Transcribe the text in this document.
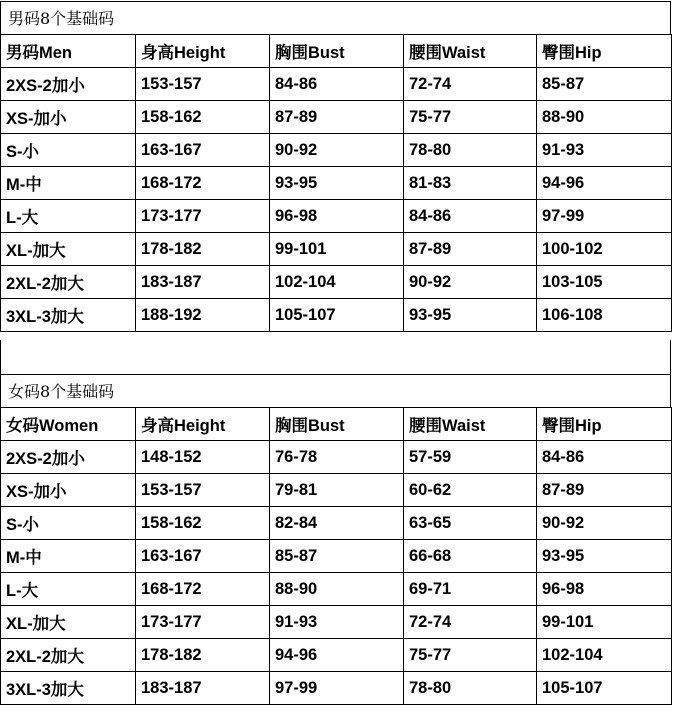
男码8个基础码
男码Men	身高Height	胸围Bust	腰围Waist	臀围Hip
2XS-2加小	153-157	84-86	72-74	85-87
XS-加小	158-162	87-89	75-77	88-90
S-小	163-167	90-92	78-80	91-93
M-中	168-172	93-95	81-83	94-96
L-大	173-177	96-98	84-86	97-99
XL-加大	178-182	99-101	87-89	100-102
2XL-2加大	183-187	102-104	90-92	103-105
3XL-3加大	188-192	105-107	93-95	106-108
女码8个基础码
女码Women	身高Height	胸围Bust	腰围Waist	臀围Hip
2XS-2加小	148-152	76-78	57-59	84-86
XS-加小	153-157	79-81	60-62	87-89
S-小	158-162	82-84	63-65	90-92
M-中	163-167	85-87	66-68	93-95
L-大	168-172	88-90	69-71	96-98
XL-加大	173-177	91-93	72-74	99-101
2XL-2加大	178-182	94-96	75-77	102-104
3XL-3加大	183-187	97-99	78-80	105-107
